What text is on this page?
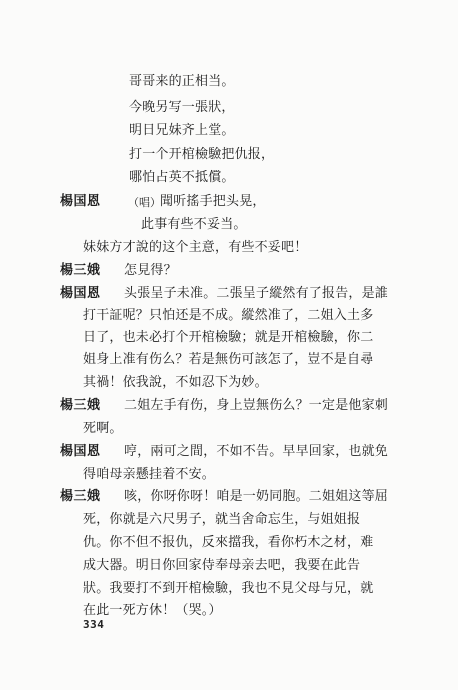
哥哥来的正相当。
今晚另写一張狀，
明日兄妹齐上堂。
打一个开棺檢驗把仇报，
哪怕占英不抵償。
楊国恩 （唱） 聞听搖手把头晃，
此事有些不妥当。
妹妹方才說的这个主意，有些不妥吧！
楊三娥 怎見得？
楊国恩 头張呈子未准。二張呈子縱然有了报告，是誰
打干証呢？只怕还是不成。縱然准了，二姐入土多
日了，也未必打个开棺檢驗；就是开棺檢驗，你二
姐身上准有伤么？若是無伤可該怎了，豈不是自尋
其禍！依我說，不如忍下为妙。
楊三娥 二姐左手有伤，身上豈無伤么？一定是他家刺
死啊。
楊国恩 哼，兩可之間，不如不告。早早回家，也就免
得咱母亲懸挂着不安。
楊三娥 咳，你呀你呀！咱是一奶同胞。二姐姐这等屈
死，你就是六尺男子，就当舍命忘生，与姐姐报
仇。你不但不报仇，反來擋我，看你朽木之材，难
成大器。明日你回家侍奉母亲去吧，我要在此告
狀。我要打不到开棺檢驗，我也不見父母与兄，就
在此一死方休！（哭。）
334
